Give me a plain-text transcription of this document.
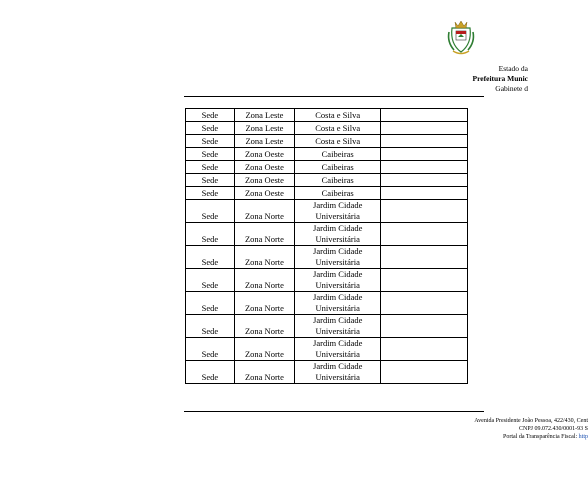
Estado da
Prefeitura Munic
Gabinete d
Sede	Zona Leste	Costa e Silva	
Sede	Zona Leste	Costa e Silva	
Sede	Zona Leste	Costa e Silva	
Sede	Zona Oeste	Caibeiras	
Sede	Zona Oeste	Caibeiras	
Sede	Zona Oeste	Caibeiras	
Sede	Zona Oeste	Caibeiras	
Sede	Zona Norte	Jardim Cidade Universitária	
Sede	Zona Norte	Jardim Cidade Universitária	
Sede	Zona Norte	Jardim Cidade Universitária	
Sede	Zona Norte	Jardim Cidade Universitária	
Sede	Zona Norte	Jardim Cidade Universitária	
Sede	Zona Norte	Jardim Cidade Universitária	
Sede	Zona Norte	Jardim Cidade Universitária	
Sede	Zona Norte	Jardim Cidade Universitária	
Avenida Presidente João Pessoa, 422/430, Cent
CNPJ 09.072.430/0001-93 S
Portal da Transparência Fiscal: http
